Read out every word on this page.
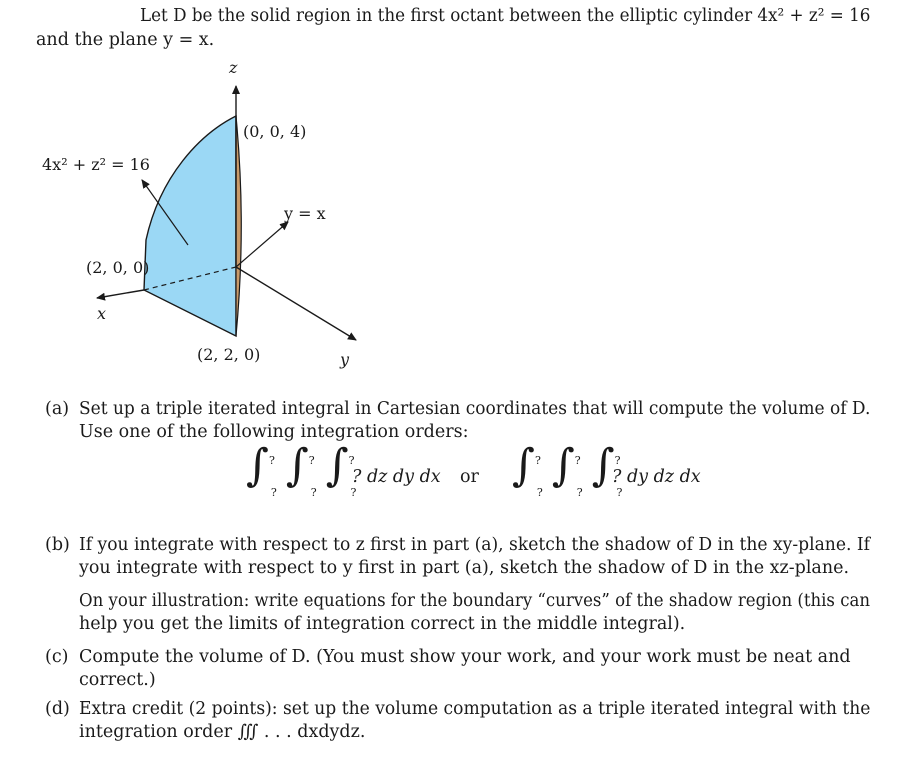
Let D be the solid region in the first octant between the elliptic cylinder 4x² + z² = 16
and the plane y = x.
z
(0, 0, 4)
4x² + z² = 16
y = x
(2, 0, 0)
x
(2, 2, 0)	y
(a) Set up a triple iterated integral in Cartesian coordinates that will compute the volume of D.
Use one of the following integration orders:
$\int^?_?$ $\int^?_?$ $\int^?_?$
? dz dy dx or $\int^?_?$ $\int^?_?$ $\int^?_?$
? dy dz dx
(b) If you integrate with respect to z first in part (a), sketch the shadow of D in the xy-plane. If
you integrate with respect to y first in part (a), sketch the shadow of D in the xz-plane.
On your illustration: write equations for the boundary “curves” of the shadow region (this can
help you get the limits of integration correct in the middle integral).
(c) Compute the volume of D. (You must show your work, and your work must be neat and
correct.)
(d) Extra credit (2 points): set up the volume computation as a triple iterated integral with the
integration order ∭ . . . dxdydz.
